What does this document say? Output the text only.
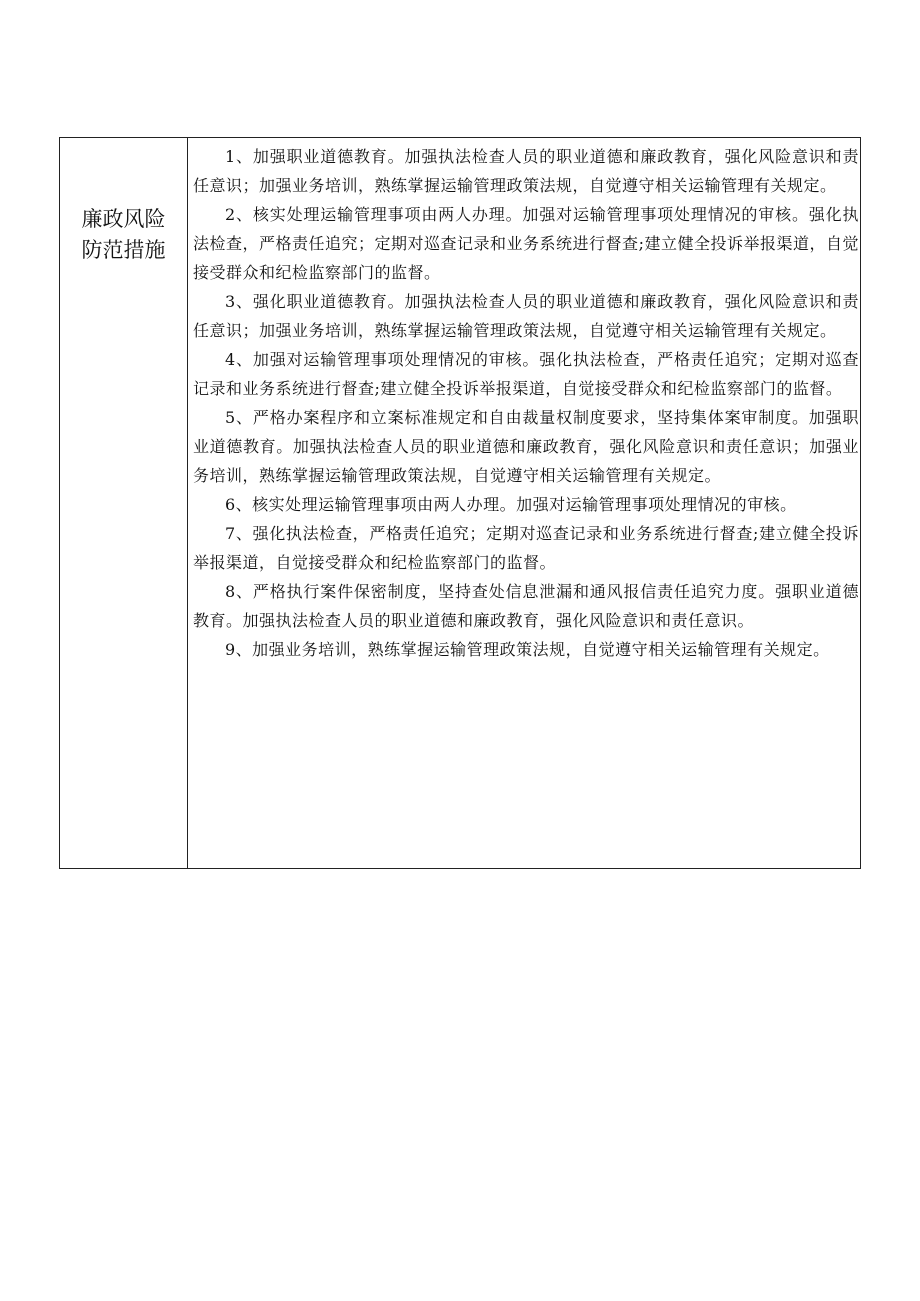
廉政风险防范措施

1、加强职业道德教育。加强执法检查人员的职业道德和廉政教育，强化风险意识和责任意识；加强业务培训，熟练掌握运输管理政策法规，自觉遵守相关运输管理有关规定。

2、核实处理运输管理事项由两人办理。加强对运输管理事项处理情况的审核。强化执法检查，严格责任追究；定期对巡查记录和业务系统进行督查;建立健全投诉举报渠道，自觉接受群众和纪检监察部门的监督。

3、强化职业道德教育。加强执法检查人员的职业道德和廉政教育，强化风险意识和责任意识；加强业务培训，熟练掌握运输管理政策法规，自觉遵守相关运输管理有关规定。

4、加强对运输管理事项处理情况的审核。强化执法检查，严格责任追究；定期对巡查记录和业务系统进行督查;建立健全投诉举报渠道，自觉接受群众和纪检监察部门的监督。

5、严格办案程序和立案标准规定和自由裁量权制度要求，坚持集体案审制度。加强职业道德教育。加强执法检查人员的职业道德和廉政教育，强化风险意识和责任意识；加强业务培训，熟练掌握运输管理政策法规，自觉遵守相关运输管理有关规定。

6、核实处理运输管理事项由两人办理。加强对运输管理事项处理情况的审核。

7、强化执法检查，严格责任追究；定期对巡查记录和业务系统进行督查;建立健全投诉举报渠道，自觉接受群众和纪检监察部门的监督。

8、严格执行案件保密制度，坚持查处信息泄漏和通风报信责任追究力度。强职业道德教育。加强执法检查人员的职业道德和廉政教育，强化风险意识和责任意识。

9、加强业务培训，熟练掌握运输管理政策法规，自觉遵守相关运输管理有关规定。
